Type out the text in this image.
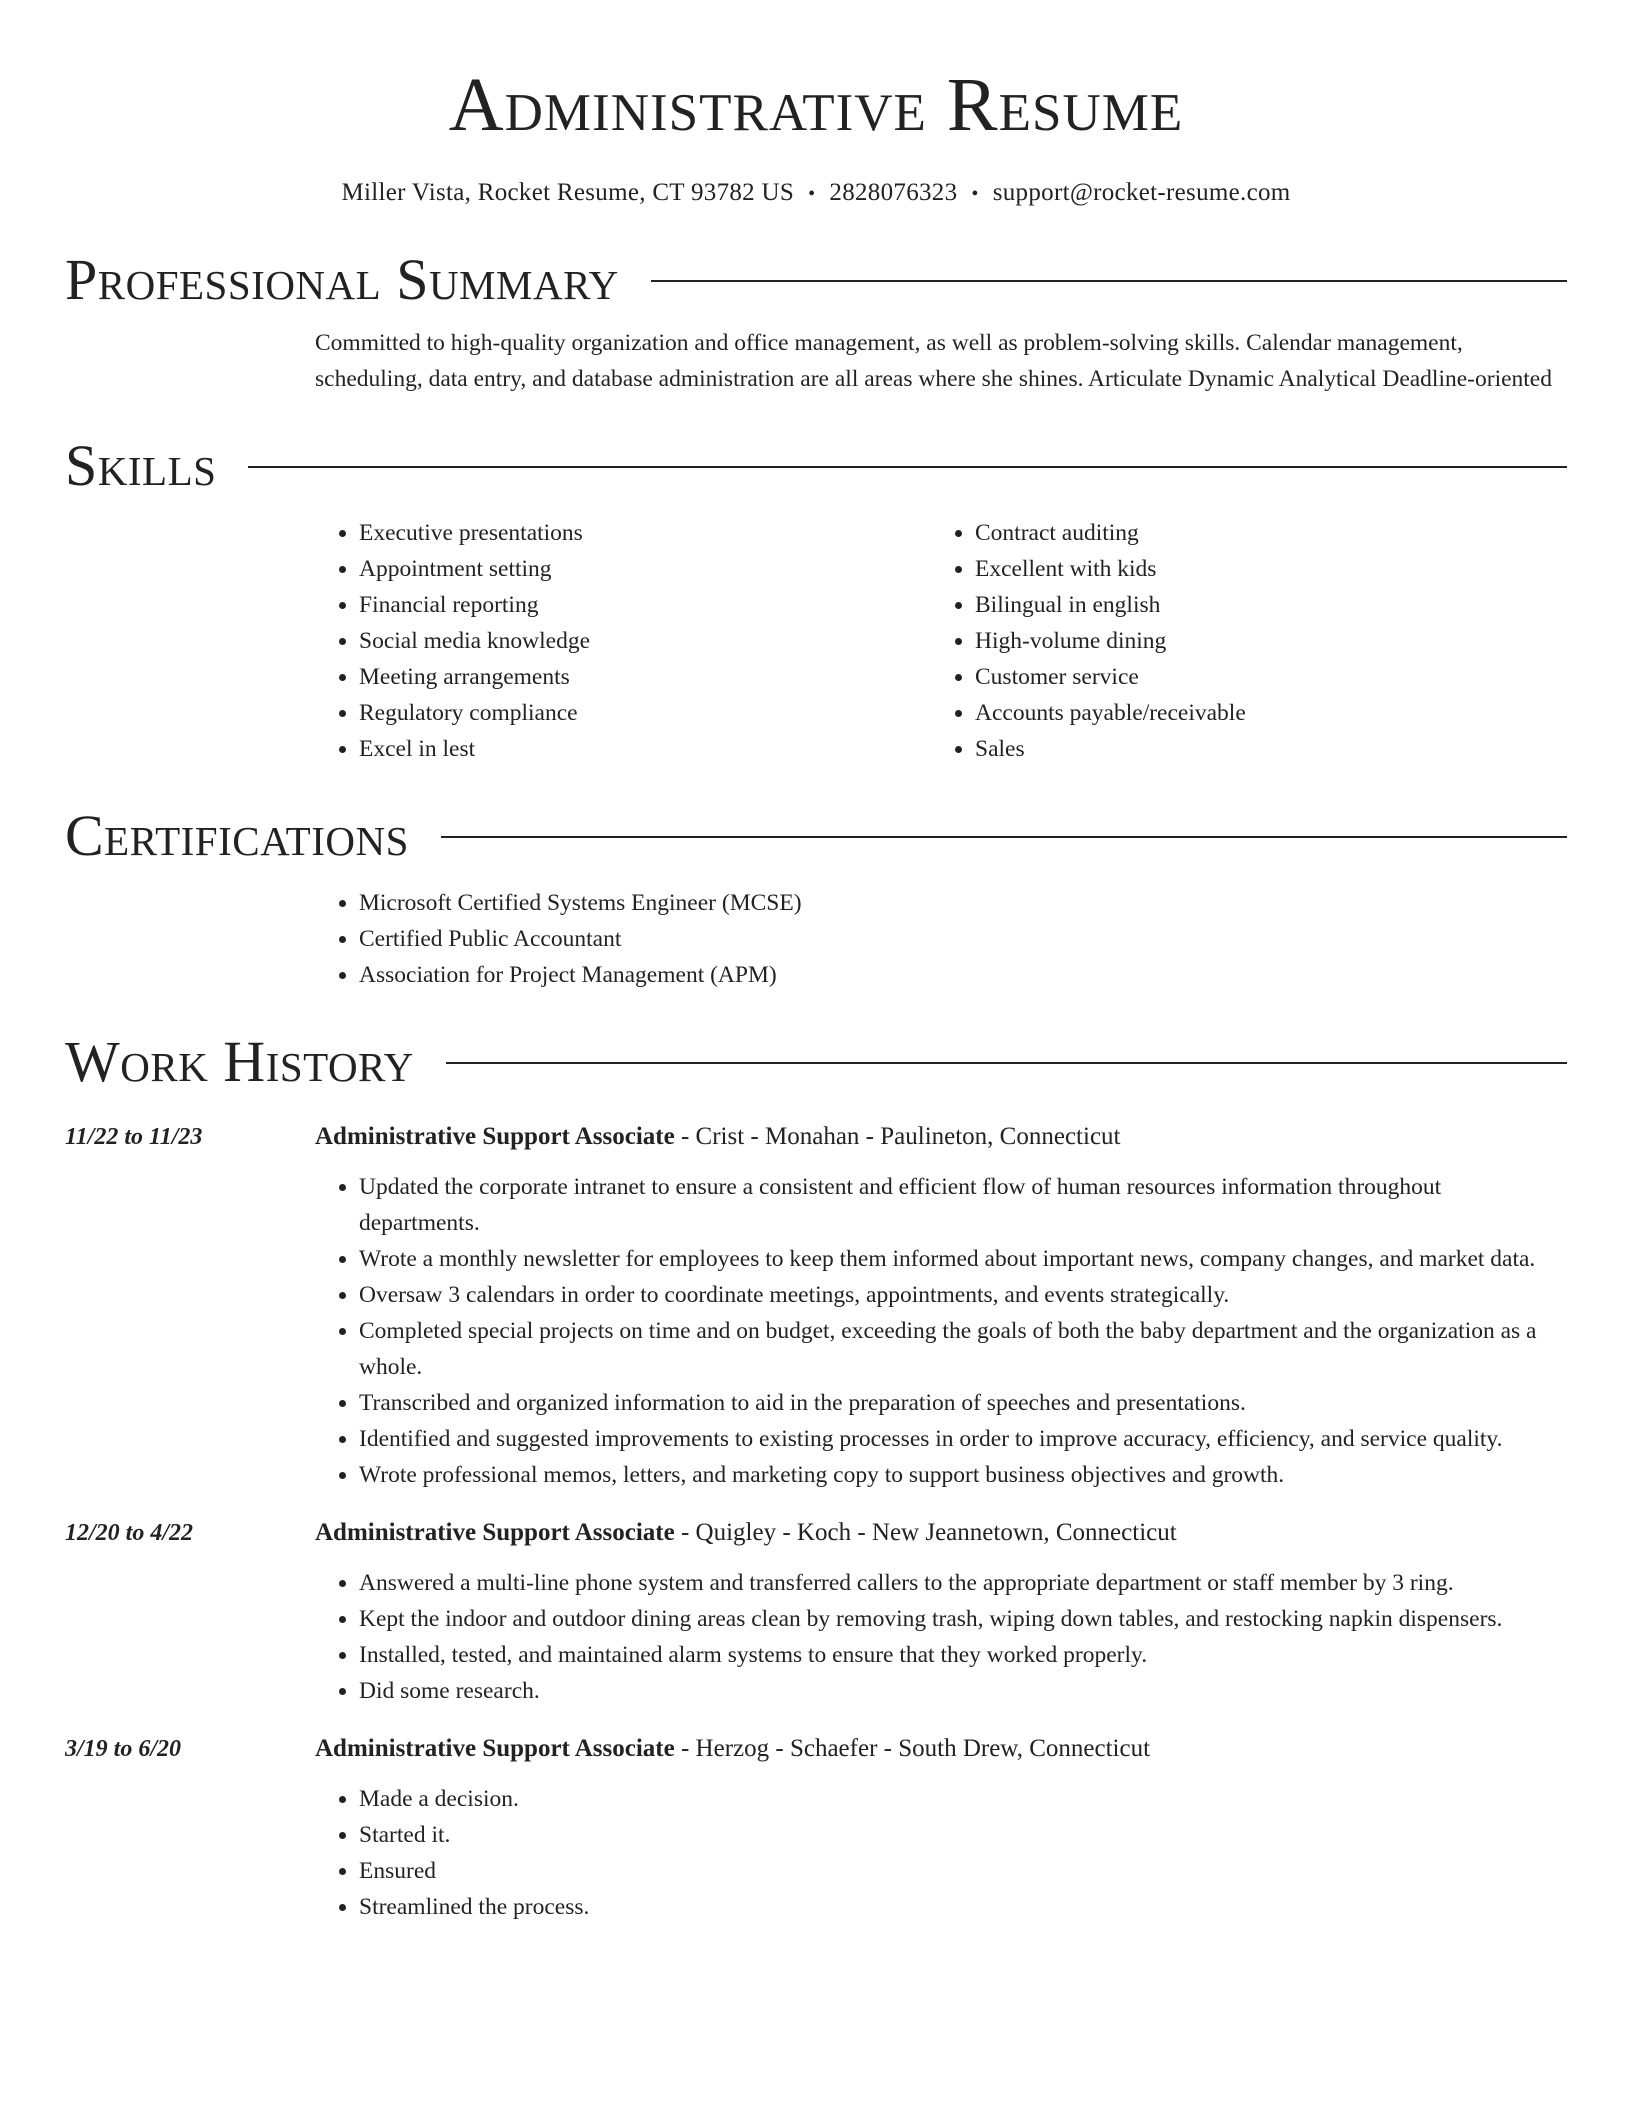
Administrative Resume
Miller Vista, Rocket Resume, CT 93782 US • 2828076323 • support@rocket-resume.com
Professional Summary
Committed to high-quality organization and office management, as well as problem-solving skills. Calendar management, scheduling, data entry, and database administration are all areas where she shines. Articulate Dynamic Analytical Deadline-oriented
Skills
• Executive presentations
• Appointment setting
• Financial reporting
• Social media knowledge
• Meeting arrangements
• Regulatory compliance
• Excel in lest
• Contract auditing
• Excellent with kids
• Bilingual in english
• High-volume dining
• Customer service
• Accounts payable/receivable
• Sales
Certifications
• Microsoft Certified Systems Engineer (MCSE)
• Certified Public Accountant
• Association for Project Management (APM)
Work History
11/22 to 11/23	Administrative Support Associate - Crist - Monahan - Paulineton, Connecticut
• Updated the corporate intranet to ensure a consistent and efficient flow of human resources information throughout departments.
• Wrote a monthly newsletter for employees to keep them informed about important news, company changes, and market data.
• Oversaw 3 calendars in order to coordinate meetings, appointments, and events strategically.
• Completed special projects on time and on budget, exceeding the goals of both the baby department and the organization as a whole.
• Transcribed and organized information to aid in the preparation of speeches and presentations.
• Identified and suggested improvements to existing processes in order to improve accuracy, efficiency, and service quality.
• Wrote professional memos, letters, and marketing copy to support business objectives and growth.
12/20 to 4/22	Administrative Support Associate - Quigley - Koch - New Jeannetown, Connecticut
• Answered a multi-line phone system and transferred callers to the appropriate department or staff member by 3 ring.
• Kept the indoor and outdoor dining areas clean by removing trash, wiping down tables, and restocking napkin dispensers.
• Installed, tested, and maintained alarm systems to ensure that they worked properly.
• Did some research.
3/19 to 6/20	Administrative Support Associate - Herzog - Schaefer - South Drew, Connecticut
• Made a decision.
• Started it.
• Ensured
• Streamlined the process.
